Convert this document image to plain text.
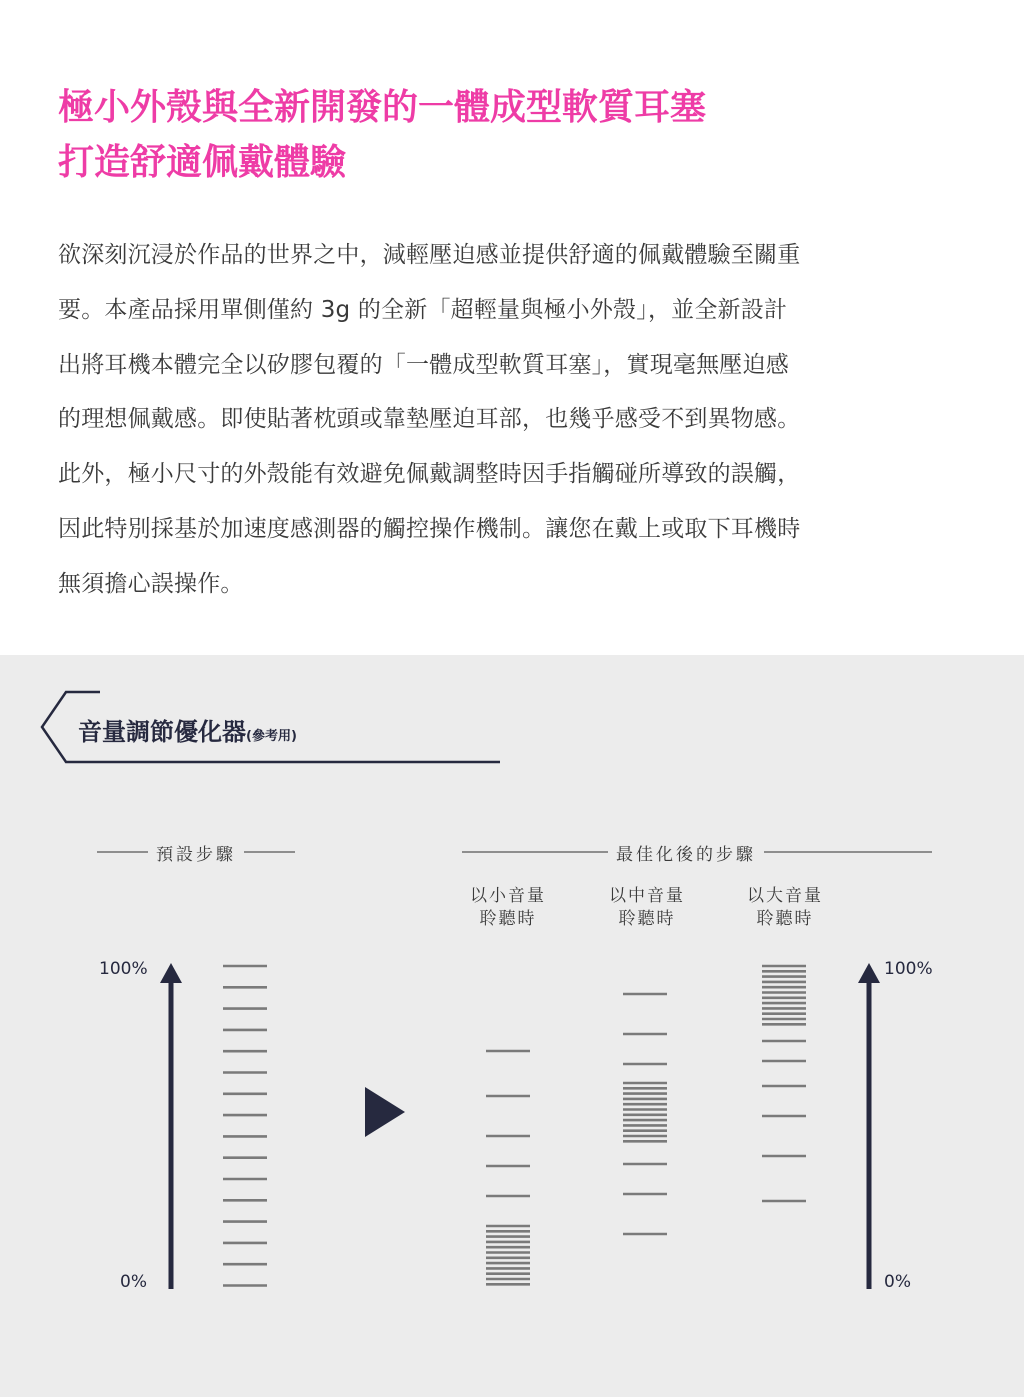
極小外殼與全新開發的一體成型軟質耳塞
打造舒適佩戴體驗
欲深刻沉浸於作品的世界之中，減輕壓迫感並提供舒適的佩戴體驗至關重
要。本產品採用單側僅約 3g 的全新「超輕量與極小外殼」，並全新設計
出將耳機本體完全以矽膠包覆的「一體成型軟質耳塞」，實現毫無壓迫感
的理想佩戴感。即使貼著枕頭或靠墊壓迫耳部，也幾乎感受不到異物感。
此外，極小尺寸的外殼能有效避免佩戴調整時因手指觸碰所導致的誤觸，
因此特別採基於加速度感測器的觸控操作機制。讓您在戴上或取下耳機時
無須擔心誤操作。
音量調節優化器(參考用)
預設步驟	最佳化後的步驟
以小音量
聆聽時
以中音量
聆聽時
以大音量
聆聽時
100%
0%
100%
0%
